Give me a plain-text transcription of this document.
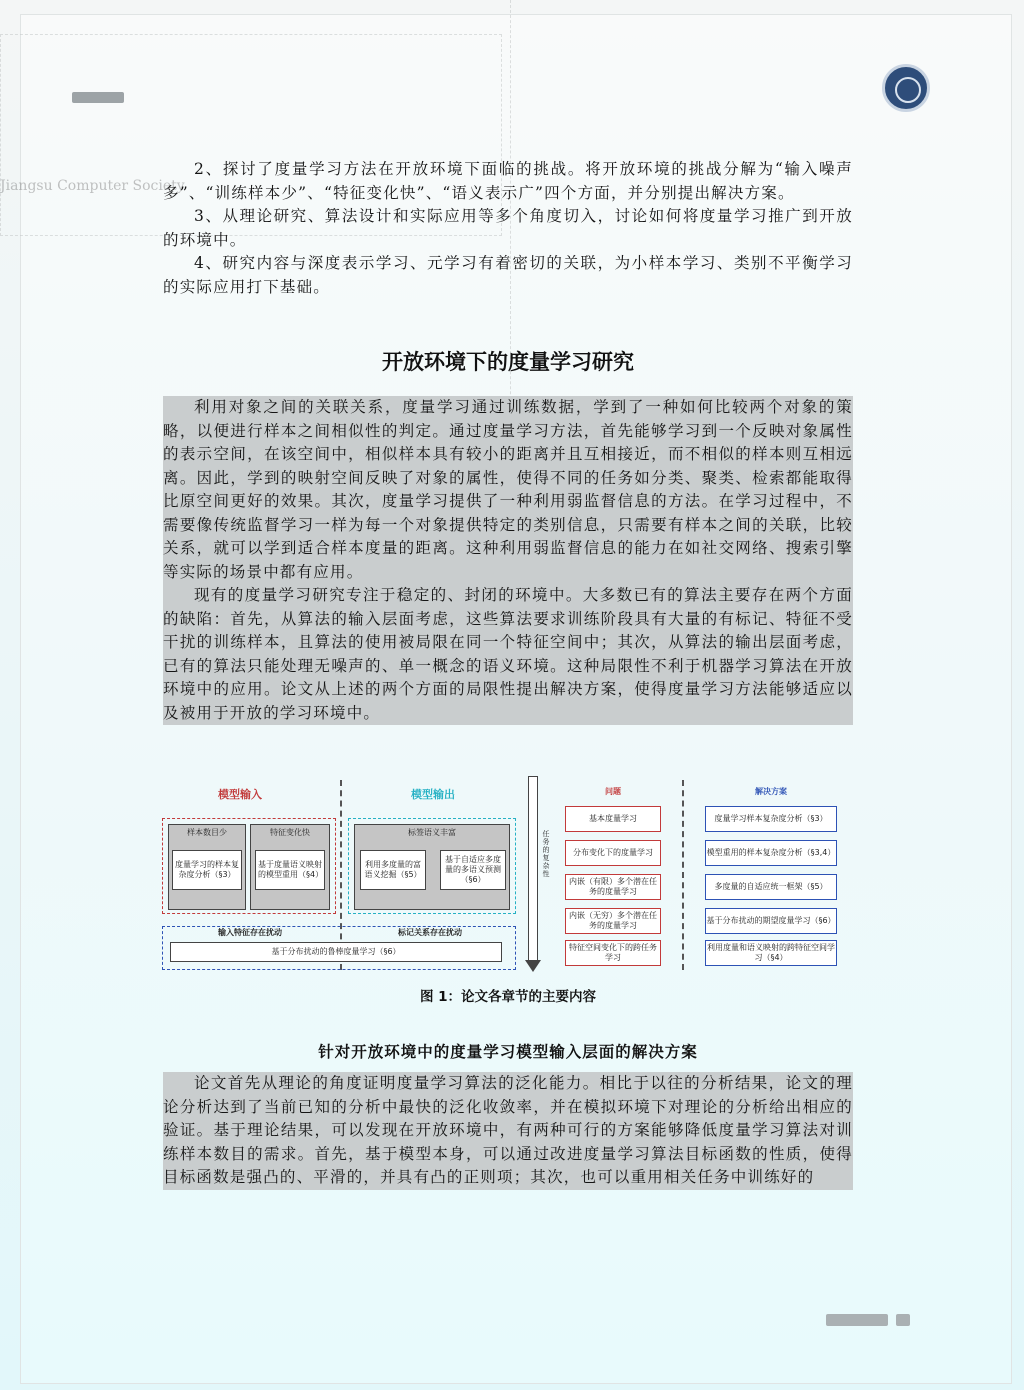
Jiangsu Computer Society

2、探讨了度量学习方法在开放环境下面临的挑战。将开放环境的挑战分解为“输入噪声多”、“训练样本少”、“特征变化快”、“语义表示广”四个方面，并分别提出解决方案。

3、从理论研究、算法设计和实际应用等多个角度切入，讨论如何将度量学习推广到开放的环境中。

4、研究内容与深度表示学习、元学习有着密切的关联，为小样本学习、类别不平衡学习的实际应用打下基础。

开放环境下的度量学习研究

利用对象之间的关联关系，度量学习通过训练数据，学到了一种如何比较两个对象的策略，以便进行样本之间相似性的判定。通过度量学习方法，首先能够学习到一个反映对象属性的表示空间，在该空间中，相似样本具有较小的距离并且互相接近，而不相似的样本则互相远离。因此，学到的映射空间反映了对象的属性，使得不同的任务如分类、聚类、检索都能取得比原空间更好的效果。其次，度量学习提供了一种利用弱监督信息的方法。在学习过程中，不需要像传统监督学习一样为每一个对象提供特定的类别信息，只需要有样本之间的关联，比较关系，就可以学到适合样本度量的距离。这种利用弱监督信息的能力在如社交网络、搜索引擎等实际的场景中都有应用。

现有的度量学习研究专注于稳定的、封闭的环境中。大多数已有的算法主要存在两个方面的缺陷：首先，从算法的输入层面考虑，这些算法要求训练阶段具有大量的有标记、特征不受干扰的训练样本，且算法的使用被局限在同一个特征空间中；其次，从算法的输出层面考虑，已有的算法只能处理无噪声的、单一概念的语义环境。这种局限性不利于机器学习算法在开放环境中的应用。论文从上述的两个方面的局限性提出解决方案，使得度量学习方法能够适应以及被用于开放的学习环境中。

模型输入	模型输出
样本数目少	特征变化快
度量学习的样本复杂度分析（§3）
基于度量语义映射的模型重用（§4）
标签语义丰富
利用多度量的富语义挖掘（§5）
基于自适应多度量的多语义预测（§6）
输入特征存在扰动	标记关系存在扰动
基于分布扰动的鲁棒度量学习（§6）
任务的复杂性
问题
基本度量学习
分布变化下的度量学习
内嵌（有限）多个潜在任务的度量学习
内嵌（无穷）多个潜在任务的度量学习
特征空间变化下的跨任务学习
解决方案
度量学习样本复杂度分析（§3）
模型重用的样本复杂度分析（§3,4）
多度量的自适应统一框架（§5）
基于分布扰动的期望度量学习（§6）
利用度量和语义映射的跨特征空间学习（§4）
图 1：论文各章节的主要内容
针对开放环境中的度量学习模型输入层面的解决方案

论文首先从理论的角度证明度量学习算法的泛化能力。相比于以往的分析结果，论文的理论分析达到了当前已知的分析中最快的泛化收敛率，并在模拟环境下对理论的分析给出相应的验证。基于理论结果，可以发现在开放环境中，有两种可行的方案能够降低度量学习算法对训练样本数目的需求。首先，基于模型本身，可以通过改进度量学习算法目标函数的性质，使得目标函数是强凸的、平滑的，并具有凸的正则项；其次，也可以重用相关任务中训练好的
